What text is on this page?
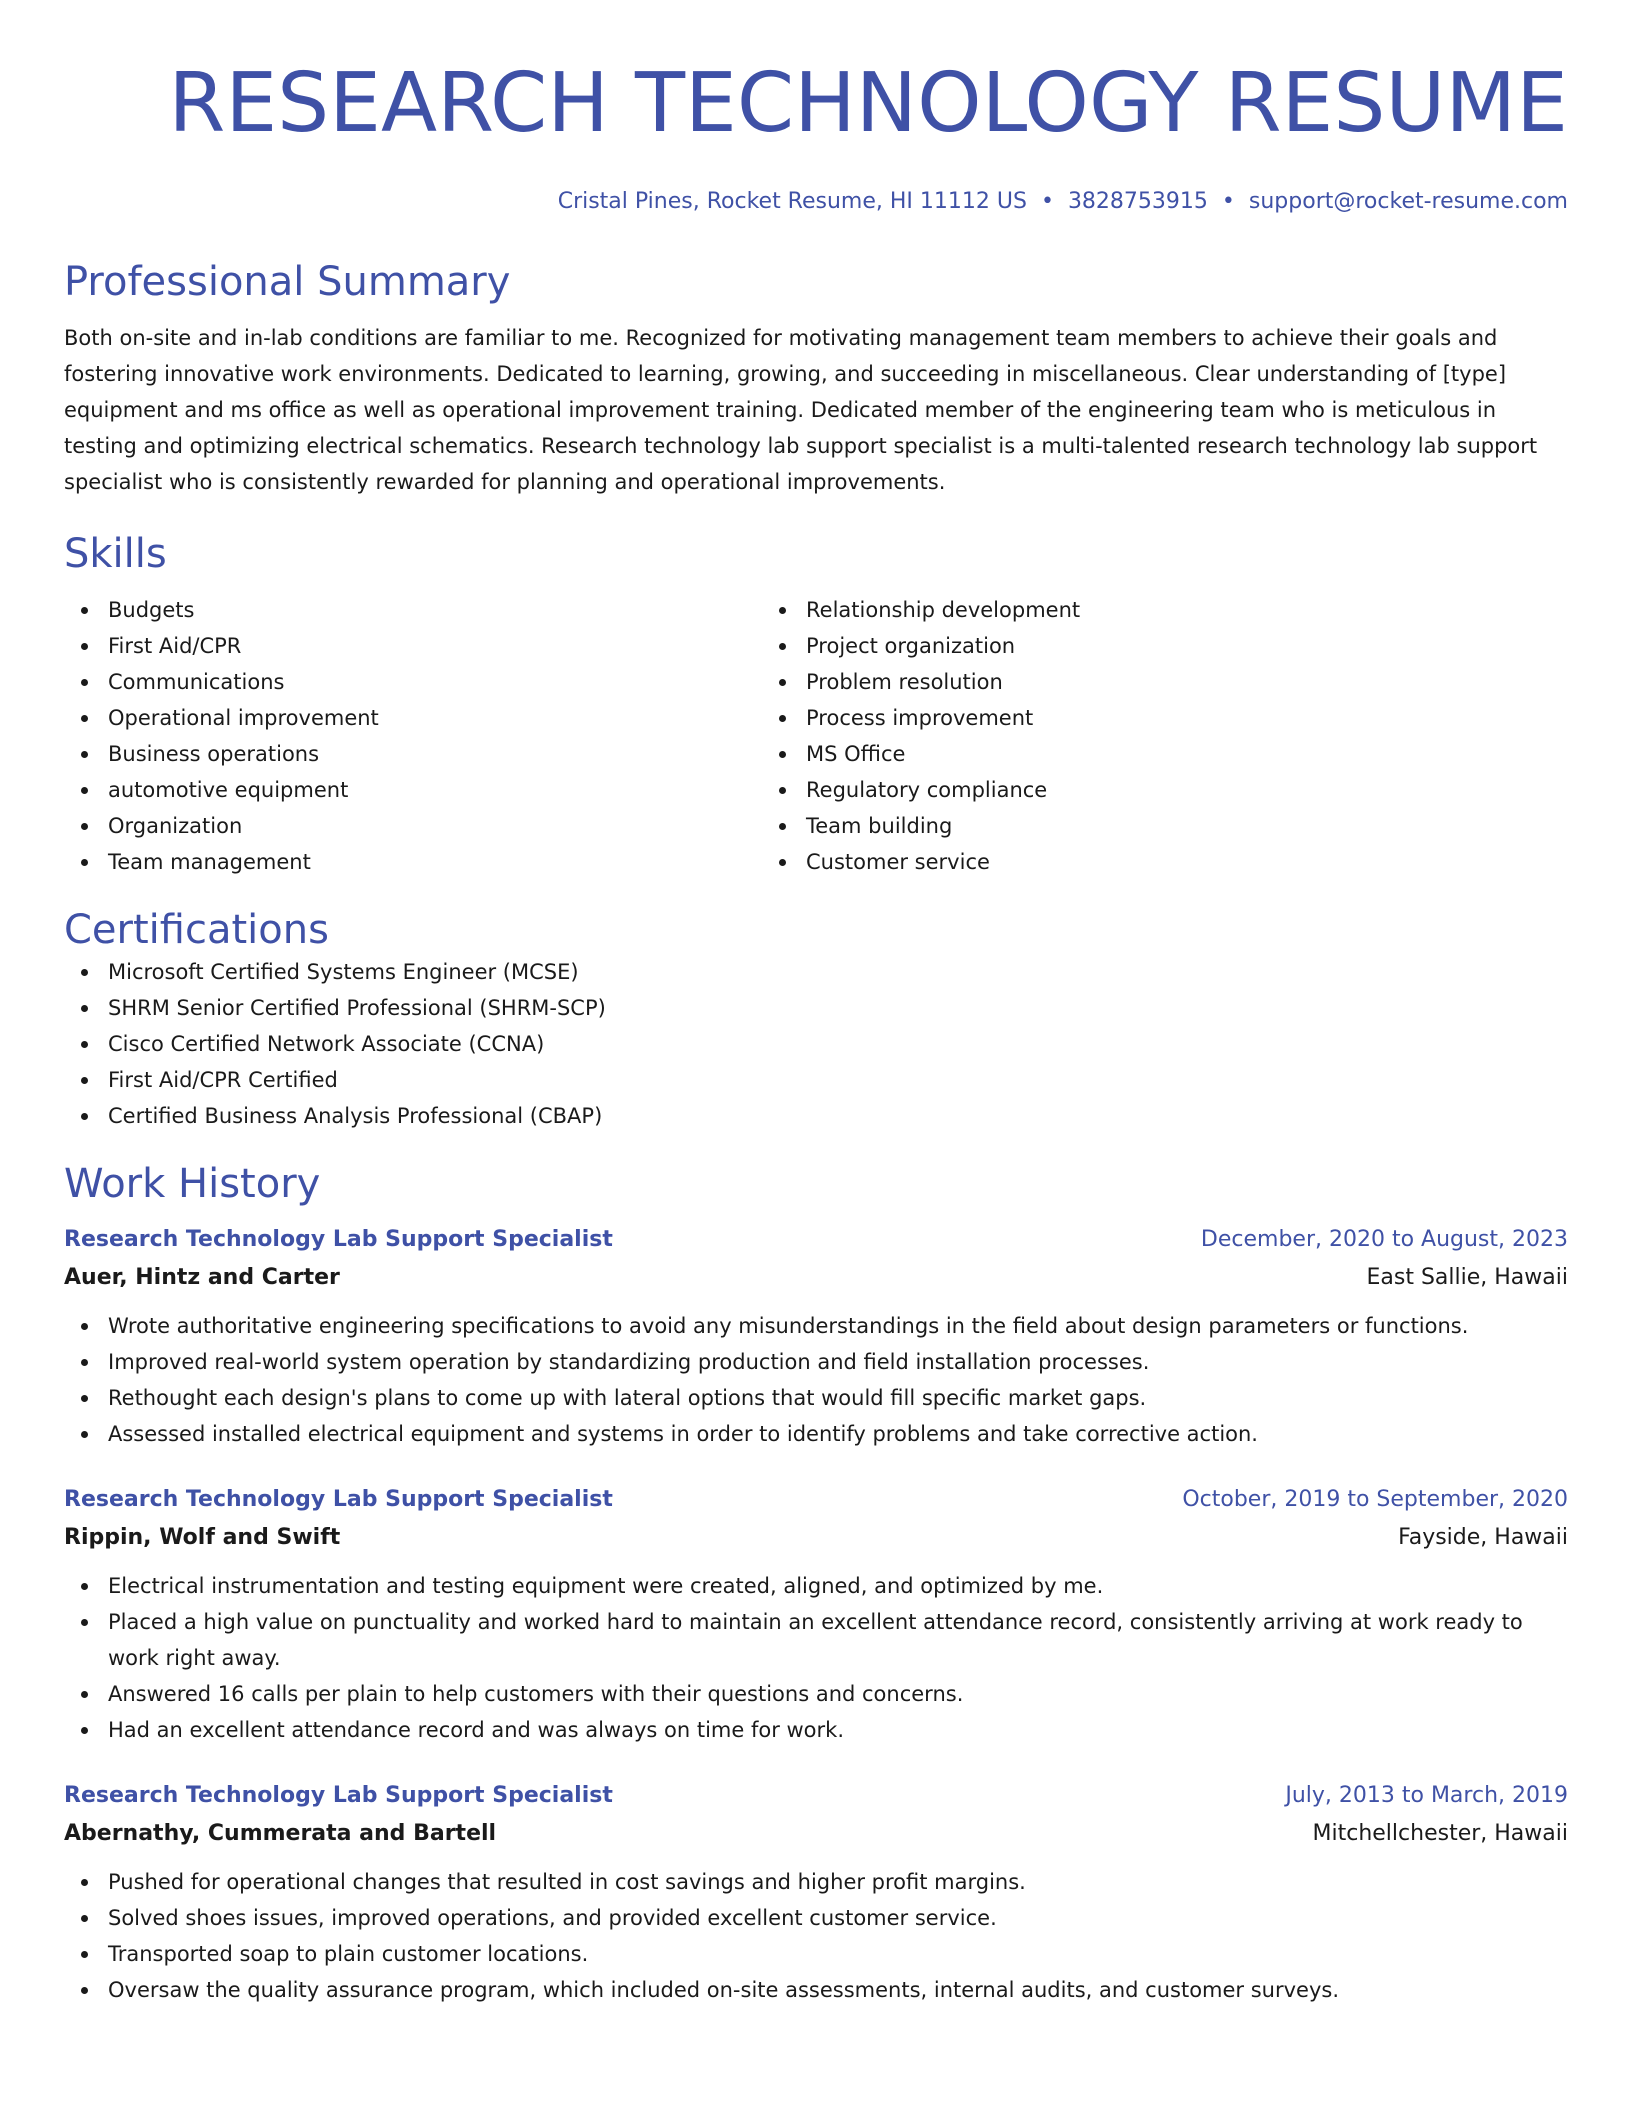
RESEARCH TECHNOLOGY RESUME
Cristal Pines, Rocket Resume, HI 11112 US • 3828753915 • support@rocket-resume.com
Professional Summary
Both on-site and in-lab conditions are familiar to me. Recognized for motivating management team members to achieve their goals and fostering innovative work environments. Dedicated to learning, growing, and succeeding in miscellaneous. Clear understanding of [type] equipment and ms office as well as operational improvement training. Dedicated member of the engineering team who is meticulous in testing and optimizing electrical schematics. Research technology lab support specialist is a multi-talented research technology lab support specialist who is consistently rewarded for planning and operational improvements.
Skills
Budgets
First Aid/CPR
Communications
Operational improvement
Business operations
automotive equipment
Organization
Team management
Relationship development
Project organization
Problem resolution
Process improvement
MS Office
Regulatory compliance
Team building
Customer service
Certifications
Microsoft Certified Systems Engineer (MCSE)
SHRM Senior Certified Professional (SHRM-SCP)
Cisco Certified Network Associate (CCNA)
First Aid/CPR Certified
Certified Business Analysis Professional (CBAP)
Work History
Research Technology Lab Support Specialist	December, 2020 to August, 2023
Auer, Hintz and Carter	East Sallie, Hawaii
Wrote authoritative engineering specifications to avoid any misunderstandings in the field about design parameters or functions.
Improved real-world system operation by standardizing production and field installation processes.
Rethought each design's plans to come up with lateral options that would fill specific market gaps.
Assessed installed electrical equipment and systems in order to identify problems and take corrective action.
Research Technology Lab Support Specialist	October, 2019 to September, 2020
Rippin, Wolf and Swift	Fayside, Hawaii
Electrical instrumentation and testing equipment were created, aligned, and optimized by me.
Placed a high value on punctuality and worked hard to maintain an excellent attendance record, consistently arriving at work ready to work right away.
Answered 16 calls per plain to help customers with their questions and concerns.
Had an excellent attendance record and was always on time for work.
Research Technology Lab Support Specialist	July, 2013 to March, 2019
Abernathy, Cummerata and Bartell	Mitchellchester, Hawaii
Pushed for operational changes that resulted in cost savings and higher profit margins.
Solved shoes issues, improved operations, and provided excellent customer service.
Transported soap to plain customer locations.
Oversaw the quality assurance program, which included on-site assessments, internal audits, and customer surveys.
